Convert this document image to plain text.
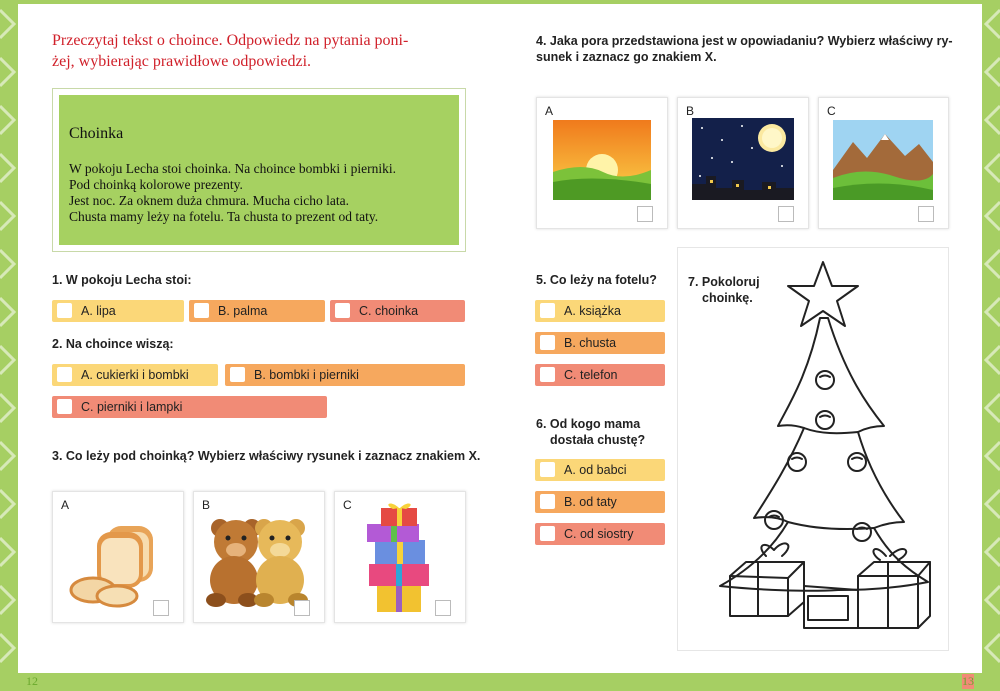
12	13
Przeczytaj tekst o choince. Odpowiedz na pytania poni-
żej, wybierając prawidłowe odpowiedzi.
Choinka
W pokoju Lecha stoi choinka. Na choince bombki i pierniki.
Pod choinką kolorowe prezenty.
Jest noc. Za oknem duża chmura. Mucha cicho lata.
Chusta mamy leży na fotelu. Ta chusta to prezent od taty.
1. W pokoju Lecha stoi:
A. lipa	B. palma	C. choinka
2. Na choince wiszą:
A. cukierki i bombki	B. bombki i pierniki
C. pierniki i lampki
3. Co leży pod choinką? Wybierz właściwy rysunek i zaznacz znakiem X.
A	B	C
4. Jaka pora przedstawiona jest w opowiadaniu? Wybierz właściwy ry-
sunek i zaznacz go znakiem X.
A	B	C
5. Co leży na fotelu?
A. książka
B. chusta
C. telefon
6. Od kogo mama
dostała chustę?
A. od babci
B. od taty
C. od siostry
7. Pokoloruj
choinkę.
